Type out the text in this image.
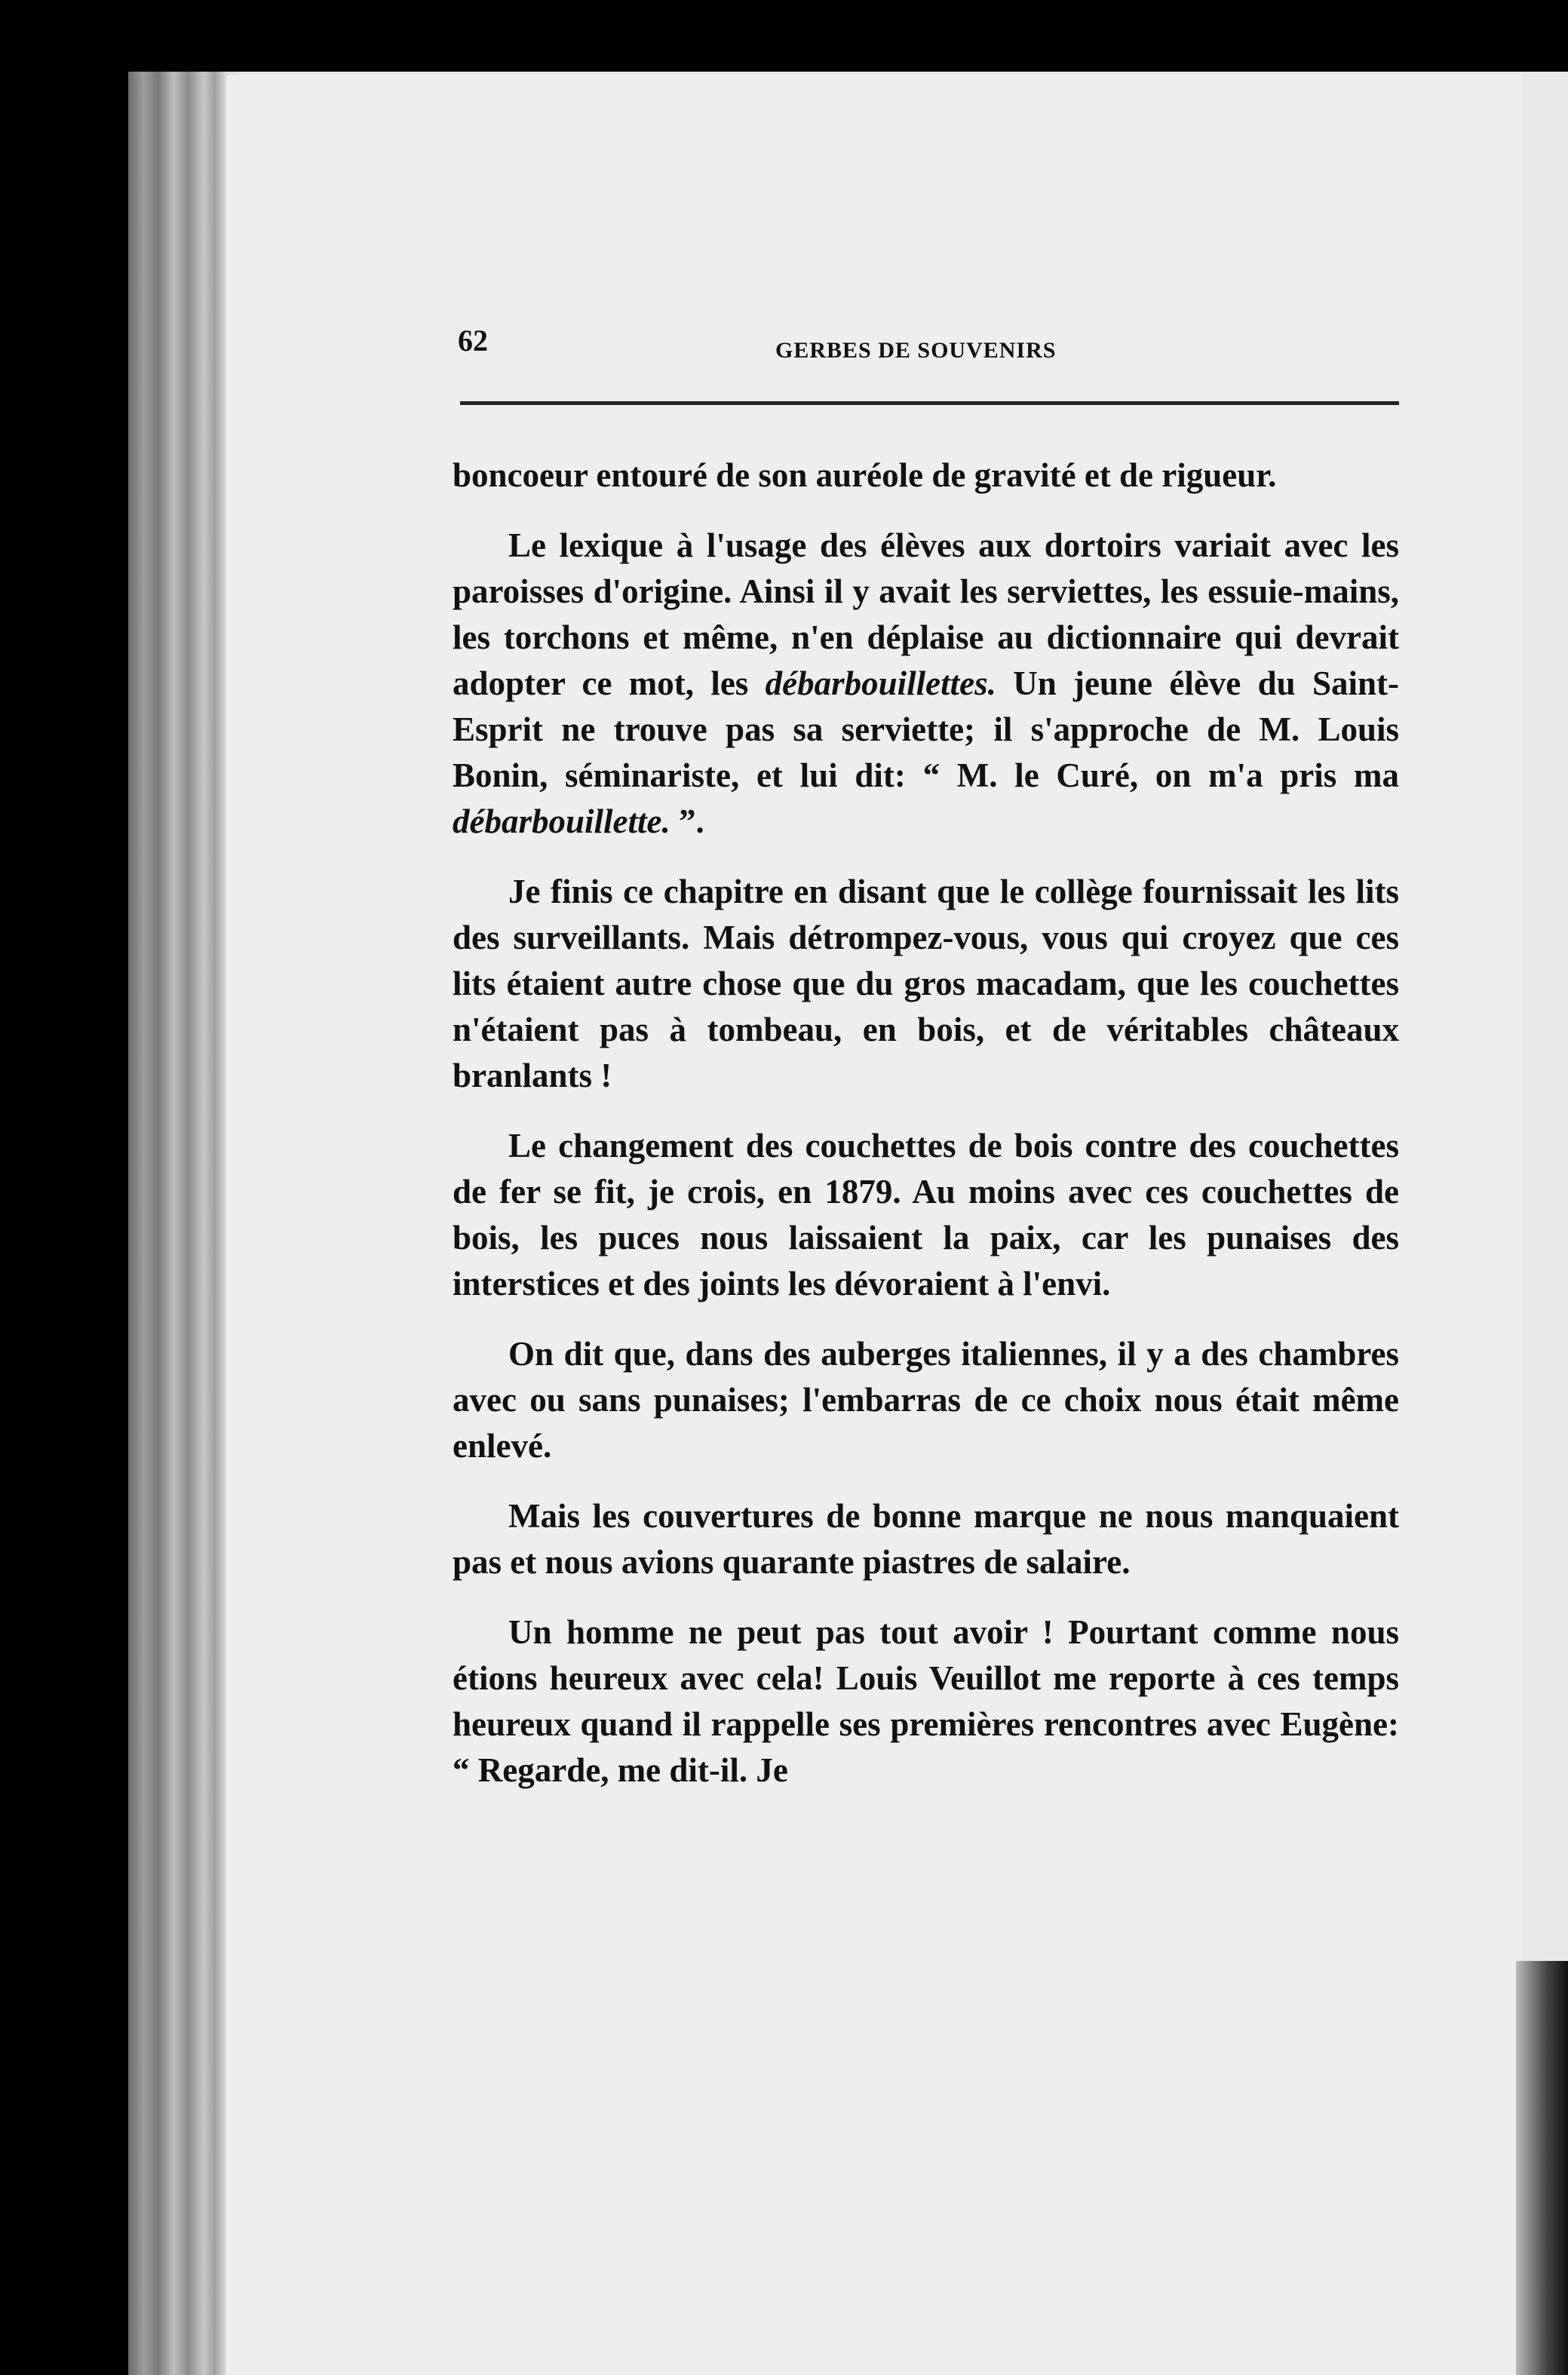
62	GERBES DE SOUVENIRS

boncoeur entouré de son auréole de gravité et de rigueur.

Le lexique à l'usage des élèves aux dortoirs variait avec les paroisses d'origine. Ainsi il y avait les serviettes, les essuie-mains, les torchons et même, n'en déplaise au dictionnaire qui devrait adopter ce mot, les débarbouillettes. Un jeune élève du Saint-Esprit ne trouve pas sa serviette; il s'approche de M. Louis Bonin, séminariste, et lui dit: “ M. le Curé, on m'a pris ma débarbouillette. ”.

Je finis ce chapitre en disant que le collège fournissait les lits des surveillants. Mais détrompez-vous, vous qui croyez que ces lits étaient autre chose que du gros macadam, que les couchettes n'étaient pas à tombeau, en bois, et de véritables châteaux branlants !

Le changement des couchettes de bois contre des couchettes de fer se fit, je crois, en 1879. Au moins avec ces couchettes de bois, les puces nous laissaient la paix, car les punaises des interstices et des joints les dévoraient à l'envi.

On dit que, dans des auberges italiennes, il y a des chambres avec ou sans punaises; l'embarras de ce choix nous était même enlevé.

Mais les couvertures de bonne marque ne nous manquaient pas et nous avions quarante piastres de salaire.

Un homme ne peut pas tout avoir ! Pourtant comme nous étions heureux avec cela! Louis Veuillot me reporte à ces temps heureux quand il rappelle ses premières rencontres avec Eugène: “ Regarde, me dit-il. Je
